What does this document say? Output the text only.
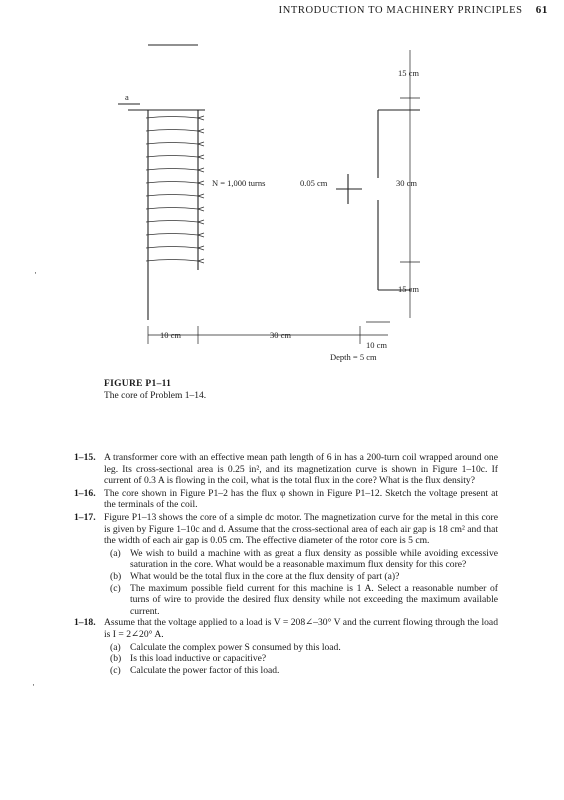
INTRODUCTION TO MACHINERY PRINCIPLES 61
a
N = 1,000 turns	0.05 cm
15 cm
30 cm
15 cm
10 cm	30 cm
10 cm
Depth = 5 cm
·
FIGURE P1–11
The core of Problem 1–14.
1–15. A transformer core with an effective mean path length of 6 in has a 200-turn coil wrapped around one leg. Its cross-sectional area is 0.25 in², and its magnetization curve is shown in Figure 1–10c. If current of 0.3 A is flowing in the coil, what is the total flux in the core? What is the flux density?
1–16. The core shown in Figure P1–2 has the flux φ shown in Figure P1–12. Sketch the voltage present at the terminals of the coil.
1–17. Figure P1–13 shows the core of a simple dc motor. The magnetization curve for the metal in this core is given by Figure 1–10c and d. Assume that the cross-sectional area of each air gap is 18 cm² and that the width of each air gap is 0.05 cm. The effective diameter of the rotor core is 5 cm.
(a) We wish to build a machine with as great a flux density as possible while avoiding excessive saturation in the core. What would be a reasonable maximum flux density for this core?
(b) What would be the total flux in the core at the flux density of part (a)?
(c) The maximum possible field current for this machine is 1 A. Select a reasonable number of turns of wire to provide the desired flux density while not exceeding the maximum available current.
1–18. Assume that the voltage applied to a load is V = 208∠–30° V and the current flowing through the load is I = 2∠20° A.
(a) Calculate the complex power S consumed by this load.
(b) Is this load inductive or capacitive?
(c) Calculate the power factor of this load.
·
